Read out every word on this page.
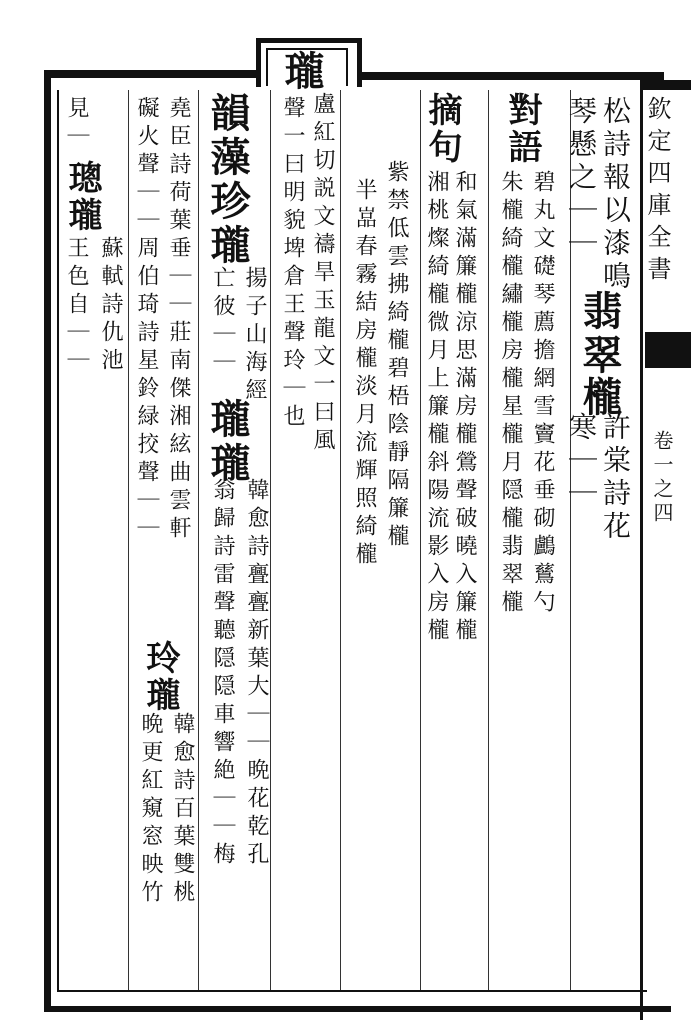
欽定四庫全書
卷一之四
松詩報以漆鳴
琴懸之｜｜
翡翠
櫳
寒｜｜ 許棠詩花
對語
碧丸文礎琴薦擔網雪竇花垂砌鸕鶿勺
朱櫳綺櫳繡櫳房櫳星櫳月隠櫳翡翠櫳
摘句
和氣滿簾櫳涼思滿房櫳鶯聲破曉入簾櫳
湘桃燦綺櫳微月上簾櫳斜陽流影入房櫳
紫禁低雲拂綺櫳碧梧陰靜隔簾櫳
半嵓春霧結房櫳淡月流輝照綺櫳
瓏
盧紅切説文禱旱玉龍文一曰風
聲一曰明貌埤倉王聲玲｜也
韻藻
珍瓏
揚子山海經
亡彼｜｜
瓏瓏
韓愈詩亹亹新葉大｜｜晩花乾孔
翁歸詩雷聲聽隠隠車響絶｜｜梅
堯臣詩荷葉垂｜｜莊南傑湘絃曲雲軒
礙火聲｜｜周伯琦詩星鈴緑挍聲｜｜
玲瓏
韓愈詩百葉雙桃
晩更紅窺窓映竹
見｜
璁瓏
蘇軾詩仇池
王色自｜｜
